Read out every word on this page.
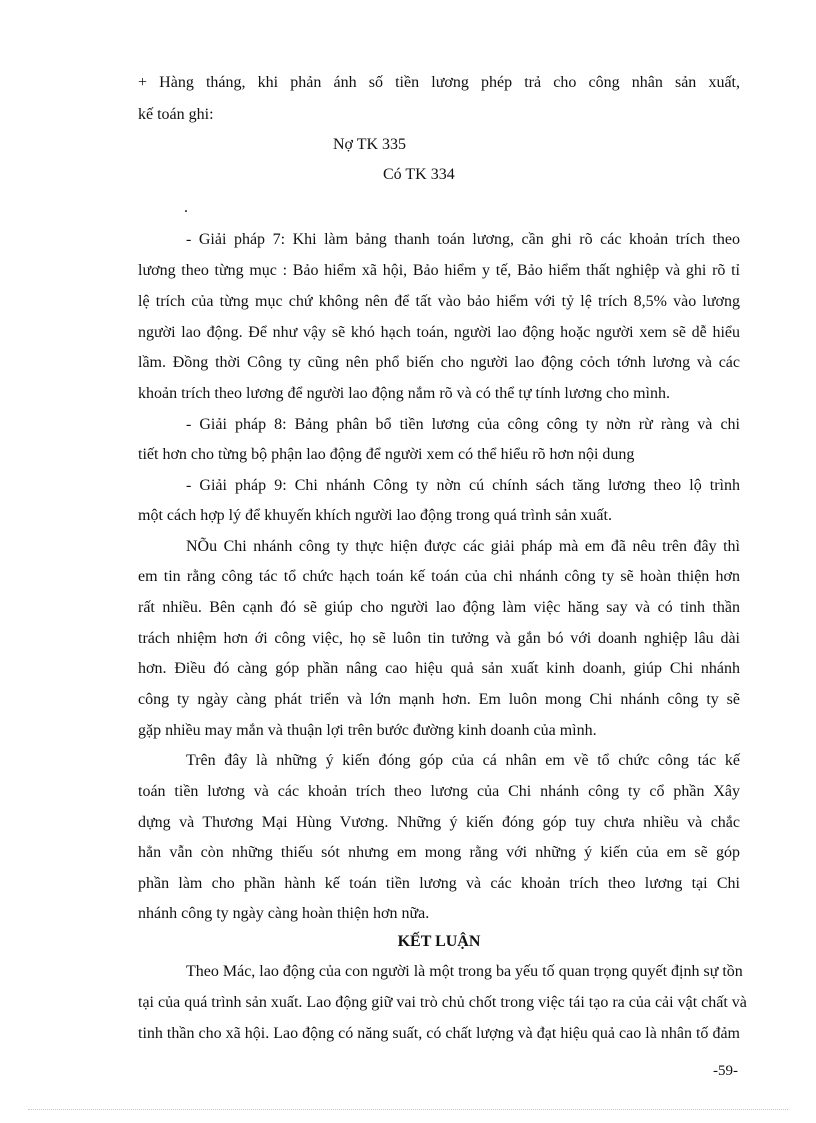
+ Hàng tháng, khi phản ánh số tiền lương phép trả cho công nhân sản xuất,
kế toán ghi:
Nợ TK 335
Có TK 334
.
- Giải pháp 7: Khi làm bảng thanh toán lương, cần ghi rõ các khoản trích theo
lương theo từng mục : Bảo hiểm xã hội, Bảo hiểm y tế, Bảo hiểm thất nghiệp và ghi rõ tỉ
lệ trích của từng mục chứ không nên để tất vào bảo hiểm với tỷ lệ trích 8,5% vào lương
người lao động. Để như vậy sẽ khó hạch toán, người lao động hoặc người xem sẽ dễ hiểu
lầm. Đồng thời Công ty cũng nên phổ biến cho người lao động cỏch tớnh lương và các
khoản trích theo lương để người lao động nắm rõ và có thể tự tính lương cho mình.
- Giải pháp 8: Bảng phân bổ tiền lương của công công ty nờn rừ ràng và chi
tiết hơn cho từng bộ phận lao động để người xem có thể hiểu rõ hơn nội dung
- Giải pháp 9: Chi nhánh Công ty nờn cú chính sách tăng lương theo lộ trình
một cách hợp lý để khuyến khích người lao động trong quá trình sản xuất.
NÕu Chi nhánh công ty thực hiện được các giải pháp mà em đã nêu trên đây thì
em tin rằng công tác tổ chức hạch toán kế toán của chi nhánh công ty sẽ hoàn thiện hơn
rất nhiều. Bên cạnh đó sẽ giúp cho người lao động làm việc hăng say và có tinh thần
trách nhiệm hơn ới công việc, họ sẽ luôn tin tưởng và gắn bó với doanh nghiệp lâu dài
hơn. Điều đó càng góp phần nâng cao hiệu quả sản xuất kinh doanh, giúp Chi nhánh
công ty ngày càng phát triển và lớn mạnh hơn. Em luôn mong Chi nhánh công ty sẽ
gặp nhiều may mắn và thuận lợi trên bước đường kinh doanh của mình.
Trên đây là những ý kiến đóng góp của cá nhân em về tổ chức công tác kế
toán tiền lương và các khoản trích theo lương của Chi nhánh công ty cổ phần Xây
dựng và Thương Mại Hùng Vương. Những ý kiến đóng góp tuy chưa nhiều và chắc
hẳn vẫn còn những thiếu sót nhưng em mong rằng với những ý kiến của em sẽ góp
phần làm cho phần hành kế toán tiền lương và các khoản trích theo lương tại Chi
nhánh công ty ngày càng hoàn thiện hơn nữa.
KẾT LUẬN
Theo Mác, lao động của con người là một trong ba yếu tố quan trọng quyết định sự tồn
tại của quá trình sản xuất. Lao động giữ vai trò chủ chốt trong việc tái tạo ra của cải vật chất và
tinh thần cho xã hội. Lao động có năng suất, có chất lượng và đạt hiệu quả cao là nhân tố đảm
-59-
